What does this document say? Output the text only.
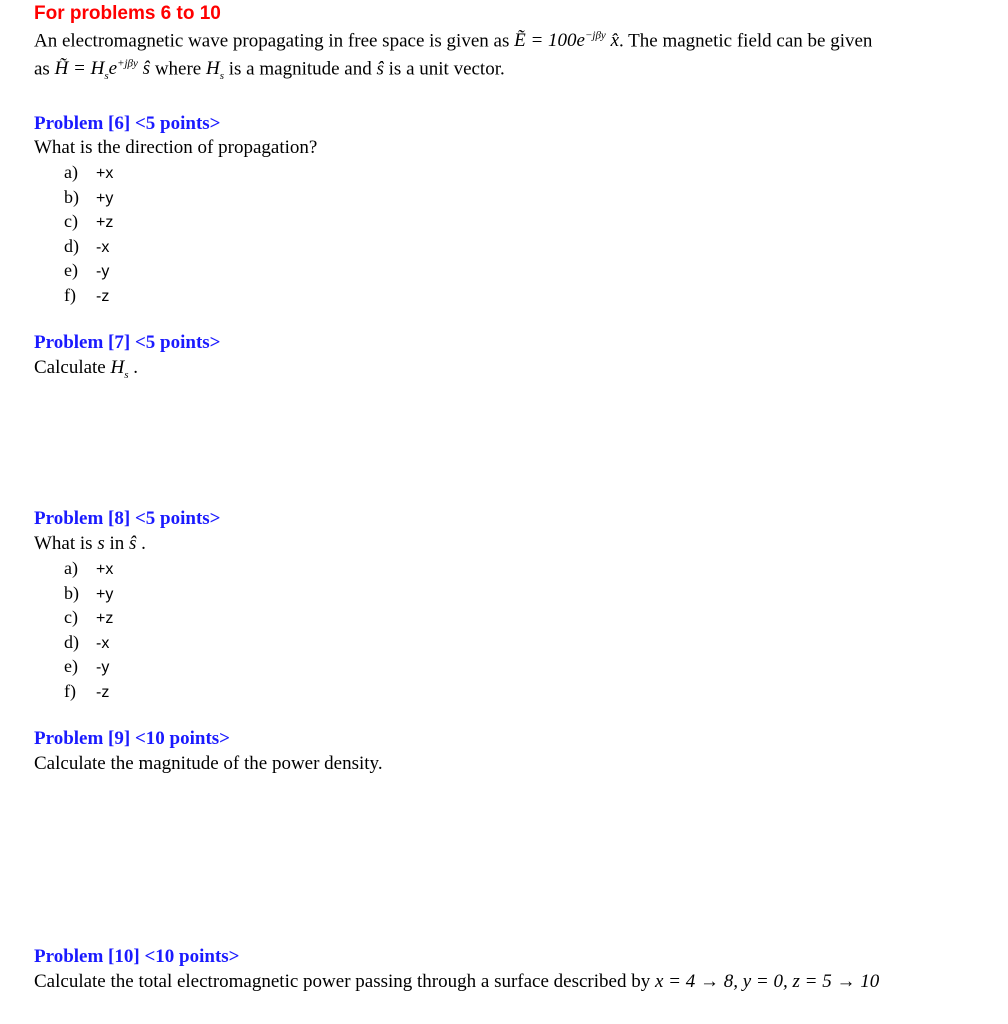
For problems 6 to 10
An electromagnetic wave propagating in free space is given as Ẽ = $100e^{-j\beta y}$ x̂. The magnetic field can be given
as H̃ = $H_se^{+j\beta y}$ ŝ where $H_s$ is a magnitude and ŝ is a unit vector.
Problem [6] <5 points>
What is the direction of propagation?
a) +x
b) +y
c) +z
d) -x
e) -y
f) -z
Problem [7] <5 points>
Calculate $H_s$ .
Problem [8] <5 points>
What is s in ŝ .
a) +x
b) +y
c) +z
d) -x
e) -y
f) -z
Problem [9] <10 points>
Calculate the magnitude of the power density.
Problem [10] <10 points>
Calculate the total electromagnetic power passing through a surface described by x = 4 → 8, y = 0, z = 5 → 10
